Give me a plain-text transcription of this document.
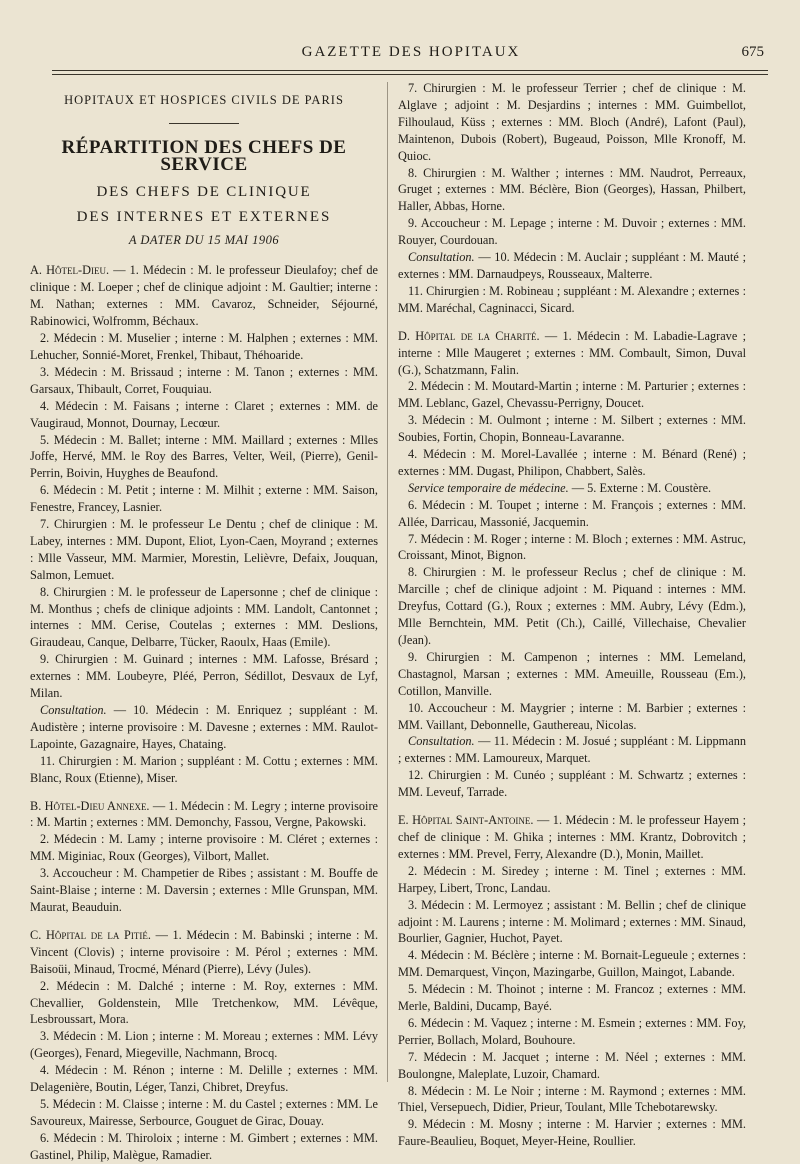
GAZETTE DES HOPITAUX	675
HOPITAUX ET HOSPICES CIVILS DE PARIS
RÉPARTITION DES CHEFS DE SERVICE
DES CHEFS DE CLINIQUE
DES INTERNES ET EXTERNES
A DATER DU 15 MAI 1906

A. Hôtel-Dieu. — 1. Médecin : M. le professeur Dieulafoy; chef de clinique : M. Loeper ; chef de clinique adjoint : M. Gaultier; interne : M. Nathan; externes : MM. Cavaroz, Schneider, Séjourné, Rabinowici, Wolfromm, Béchaux.

2. Médecin : M. Muselier ; interne : M. Halphen ; externes : MM. Lehucher, Sonnié-Moret, Frenkel, Thibaut, Théhoaride.

3. Médecin : M. Brissaud ; interne : M. Tanon ; externes : MM. Garsaux, Thibault, Corret, Fouquiau.

4. Médecin : M. Faisans ; interne : Claret ; externes : MM. de Vaugiraud, Monnot, Dournay, Lecœur.

5. Médecin : M. Ballet; interne : MM. Maillard ; externes : Mlles Joffe, Hervé, MM. le Roy des Barres, Velter, Weil, (Pierre), Genil-Perrin, Boivin, Huyghes de Beaufond.

6. Médecin : M. Petit ; interne : M. Milhit ; externe : MM. Saison, Fenestre, Francey, Lasnier.

7. Chirurgien : M. le professeur Le Dentu ; chef de clinique : M. Labey, internes : MM. Dupont, Eliot, Lyon-Caen, Moyrand ; externes : Mlle Vasseur, MM. Marmier, Morestin, Lelièvre, Defaix, Jouquan, Salmon, Lemuet.

8. Chirurgien : M. le professeur de Lapersonne ; chef de clinique : M. Monthus ; chefs de clinique adjoints : MM. Landolt, Cantonnet ; internes : MM. Cerise, Coutelas ; externes : MM. Deslions, Giraudeau, Canque, Delbarre, Tücker, Raoulx, Haas (Emile).

9. Chirurgien : M. Guinard ; internes : MM. Lafosse, Brésard ; externes : MM. Loubeyre, Pléé, Perron, Sédillot, Desvaux de Lyf, Milan.

Consultation. — 10. Médecin : M. Enriquez ; suppléant : M. Audistère ; interne provisoire : M. Davesne ; externes : MM. Raulot-Lapointe, Gazagnaire, Hayes, Chataing.

11. Chirurgien : M. Marion ; suppléant : M. Cottu ; externes : MM. Blanc, Roux (Etienne), Miser.

B. Hôtel-Dieu Annexe. — 1. Médecin : M. Legry ; interne provisoire : M. Martin ; externes : MM. Demonchy, Fassou, Vergne, Pakowski.

2. Médecin : M. Lamy ; interne provisoire : M. Cléret ; externes : MM. Miginiac, Roux (Georges), Vilbort, Mallet.

3. Accoucheur : M. Champetier de Ribes ; assistant : M. Bouffe de Saint-Blaise ; interne : M. Daversin ; externes : Mlle Grunspan, MM. Maurat, Beauduin.

C. Hôpital de la Pitié. — 1. Médecin : M. Babinski ; interne : M. Vincent (Clovis) ; interne provisoire : M. Pérol ; externes : MM. Baisoüi, Minaud, Trocmé, Ménard (Pierre), Lévy (Jules).

2. Médecin : M. Dalché ; interne : M. Roy, externes : MM. Chevallier, Goldenstein, Mlle Tretchenkow, MM. Lévêque, Lesbroussart, Mora.

3. Médecin : M. Lion ; interne : M. Moreau ; externes : MM. Lévy (Georges), Fenard, Miegeville, Nachmann, Brocq.

4. Médecin : M. Rénon ; interne : M. Delille ; externes : MM. Delagenière, Boutin, Léger, Tanzi, Chibret, Dreyfus.

5. Médecin : M. Claisse ; interne : M. du Castel ; externes : MM. Le Savoureux, Mairesse, Serbource, Gouguet de Girac, Douay.

6. Médecin : M. Thiroloix ; interne : M. Gimbert ; externes : MM. Gastinel, Philip, Malègue, Ramadier.

7. Chirurgien : M. le professeur Terrier ; chef de clinique : M. Alglave ; adjoint : M. Desjardins ; internes : MM. Guimbellot, Filhoulaud, Küss ; externes : MM. Bloch (André), Lafont (Paul), Maintenon, Dubois (Robert), Bugeaud, Poisson, Mlle Kronoff, M. Quioc.

8. Chirurgien : M. Walther ; internes : MM. Naudrot, Perreaux, Gruget ; externes : MM. Béclère, Bion (Georges), Hassan, Philbert, Haller, Abbas, Horne.

9. Accoucheur : M. Lepage ; interne : M. Duvoir ; externes : MM. Rouyer, Courdouan.

Consultation. — 10. Médecin : M. Auclair ; suppléant : M. Mauté ; externes : MM. Darnaudpeys, Rousseaux, Malterre.

11. Chirurgien : M. Robineau ; suppléant : M. Alexandre ; externes : MM. Maréchal, Cagninacci, Sicard.

D. Hôpital de la Charité. — 1. Médecin : M. Labadie-Lagrave ; interne : Mlle Maugeret ; externes : MM. Combault, Simon, Duval (G.), Schatzmann, Falin.

2. Médecin : M. Moutard-Martin ; interne : M. Parturier ; externes : MM. Leblanc, Gazel, Chevassu-Perrigny, Doucet.

3. Médecin : M. Oulmont ; interne : M. Silbert ; externes : MM. Soubies, Fortin, Chopin, Bonneau-Lavaranne.

4. Médecin : M. Morel-Lavallée ; interne : M. Bénard (René) ; externes : MM. Dugast, Philipon, Chabbert, Salès.

Service temporaire de médecine. — 5. Externe : M. Coustère.

6. Médecin : M. Toupet ; interne : M. François ; externes : MM. Allée, Darricau, Massonié, Jacquemin.

7. Médecin : M. Roger ; interne : M. Bloch ; externes : MM. Astruc, Croissant, Minot, Bignon.

8. Chirurgien : M. le professeur Reclus ; chef de clinique : M. Marcille ; chef de clinique adjoint : M. Piquand : internes : MM. Dreyfus, Cottard (G.), Roux ; externes : MM. Aubry, Lévy (Edm.), Mlle Bernchtein, MM. Petit (Ch.), Caillé, Villechaise, Chevalier (Jean).

9. Chirurgien : M. Campenon ; internes : MM. Lemeland, Chastagnol, Marsan ; externes : MM. Ameuille, Rousseau (Em.), Cotillon, Manville.

10. Accoucheur : M. Maygrier ; interne : M. Barbier ; externes : MM. Vaillant, Debonnelle, Gauthereau, Nicolas.

Consultation. — 11. Médecin : M. Josué ; suppléant : M. Lippmann ; externes : MM. Lamoureux, Marquet.

12. Chirurgien : M. Cunéo ; suppléant : M. Schwartz ; externes : MM. Leveuf, Tarrade.

E. Hôpital Saint-Antoine. — 1. Médecin : M. le professeur Hayem ; chef de clinique : M. Ghika ; internes : MM. Krantz, Dobrovitch ; externes : MM. Prevel, Ferry, Alexandre (D.), Monin, Maillet.

2. Médecin : M. Siredey ; interne : M. Tinel ; externes : MM. Harpey, Libert, Tronc, Landau.

3. Médecin : M. Lermoyez ; assistant : M. Bellin ; chef de clinique adjoint : M. Laurens ; interne : M. Molimard ; externes : MM. Sinaud, Bourlier, Gagnier, Huchot, Payet.

4. Médecin : M. Béclère ; interne : M. Bornait-Legueule ; externes : MM. Demarquest, Vinçon, Mazingarbe, Guillon, Maingot, Labande.

5. Médecin : M. Thoinot ; interne : M. Francoz ; externes : MM. Merle, Baldini, Ducamp, Bayé.

6. Médecin : M. Vaquez ; interne : M. Esmein ; externes : MM. Foy, Perrier, Bollach, Molard, Bouhoure.

7. Médecin : M. Jacquet ; interne : M. Néel ; externes : MM. Boulongne, Maleplate, Luzoir, Chamard.

8. Médecin : M. Le Noir ; interne : M. Raymond ; externes : MM. Thiel, Versepuech, Didier, Prieur, Toulant, Mlle Tchebotarewsky.

9. Médecin : M. Mosny ; interne : M. Harvier ; externes : MM. Faure-Beaulieu, Boquet, Meyer-Heine, Roullier.
